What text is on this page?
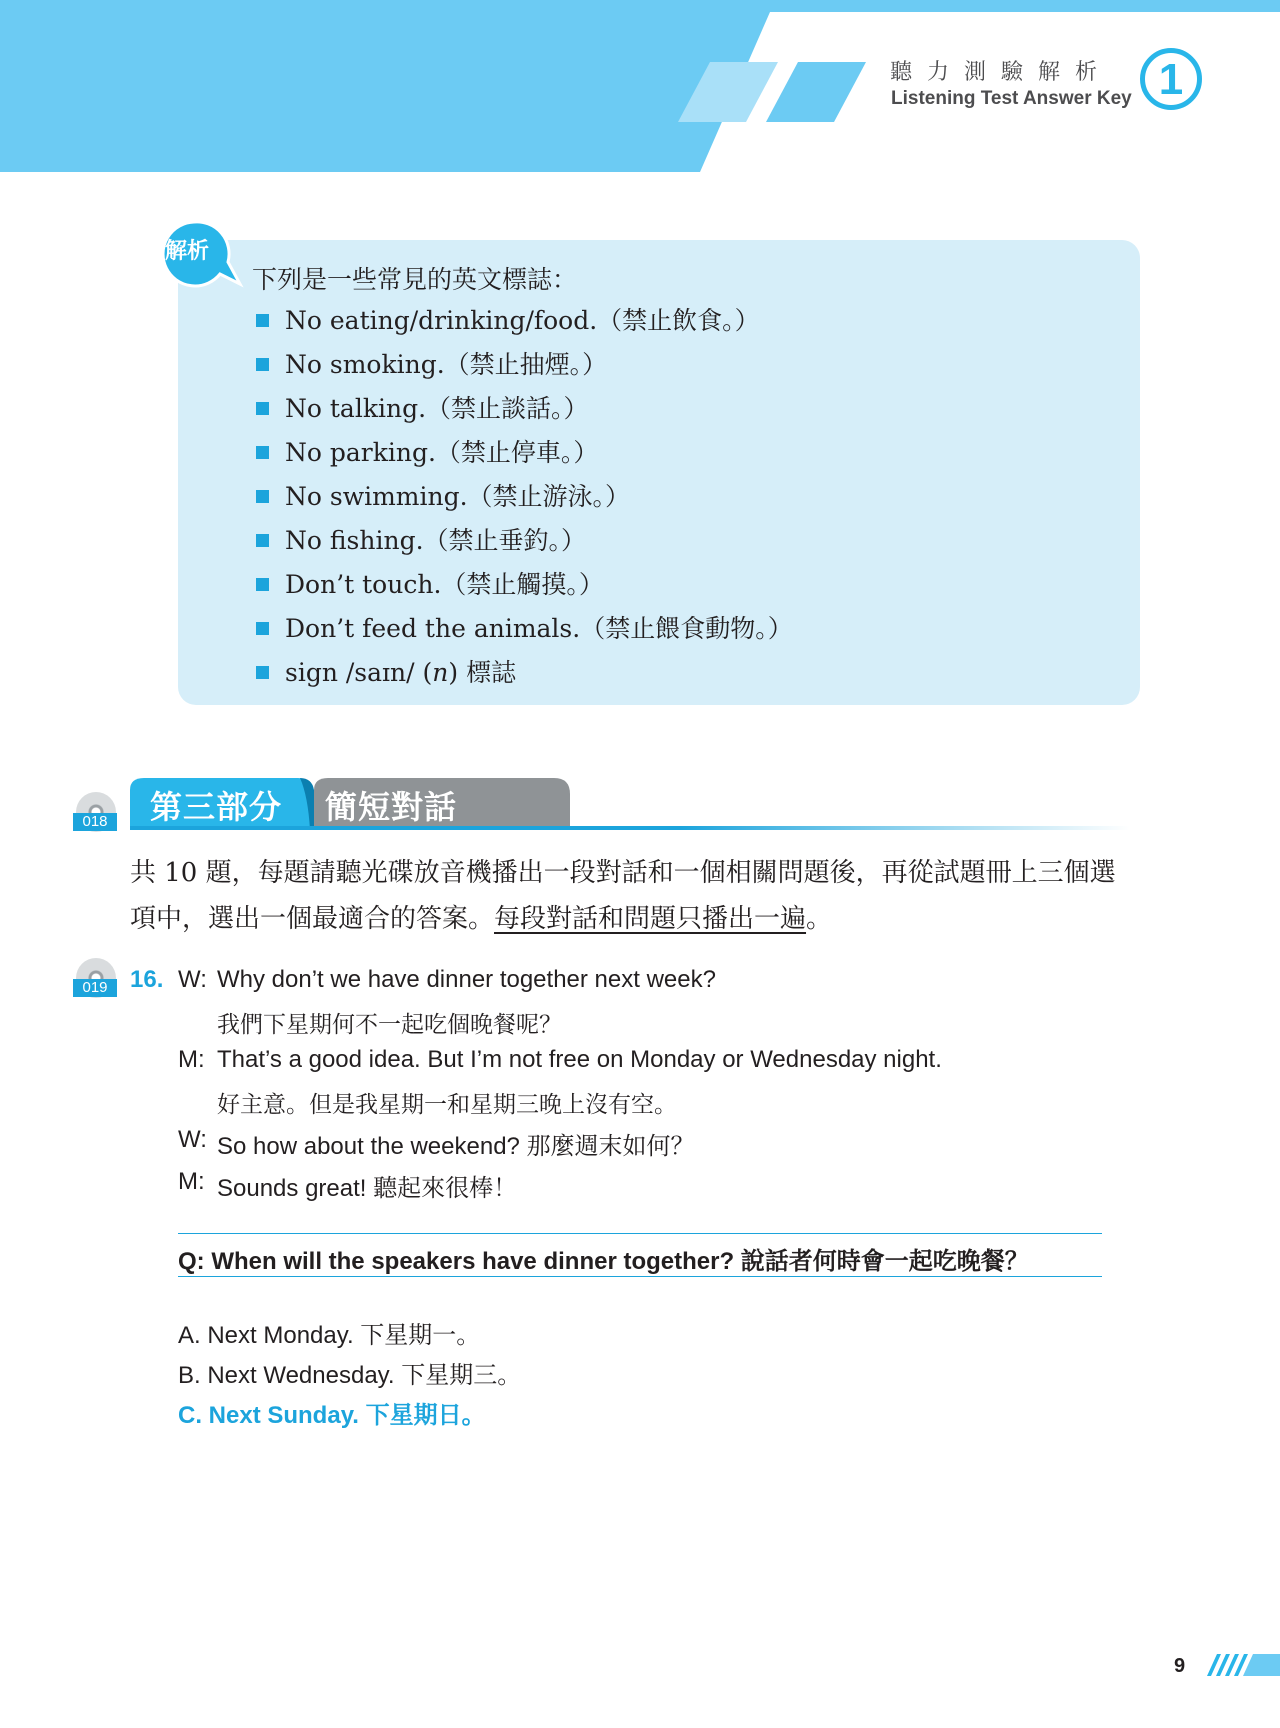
聽力測驗解析
Listening Test Answer Key 1
解析
下列是一些常見的英文標誌：
No eating/drinking/food.（禁止飲食。）
No smoking.（禁止抽煙。）
No talking.（禁止談話。）
No parking.（禁止停車。）
No swimming.（禁止游泳。）
No fishing.（禁止垂釣。）
Don’t touch.（禁止觸摸。）
Don’t feed the animals.（禁止餵食動物。）
sign /saɪn/ (n) 標誌
018 第三部分 簡短對話
共 10 題，每題請聽光碟放音機播出一段對話和一個相關問題後，再從試題冊上三個選項中，選出一個最適合的答案。每段對話和問題只播出一遍。
019 16. W: Why don’t we have dinner together next week?
我們下星期何不一起吃個晚餐呢？
M: That’s a good idea. But I’m not free on Monday or Wednesday night.
好主意。但是我星期一和星期三晚上沒有空。
W: So how about the weekend? 那麼週末如何？
M: Sounds great! 聽起來很棒！
Q: When will the speakers have dinner together? 說話者何時會一起吃晚餐？
A. Next Monday. 下星期一。
B. Next Wednesday. 下星期三。
C. Next Sunday. 下星期日。
9
